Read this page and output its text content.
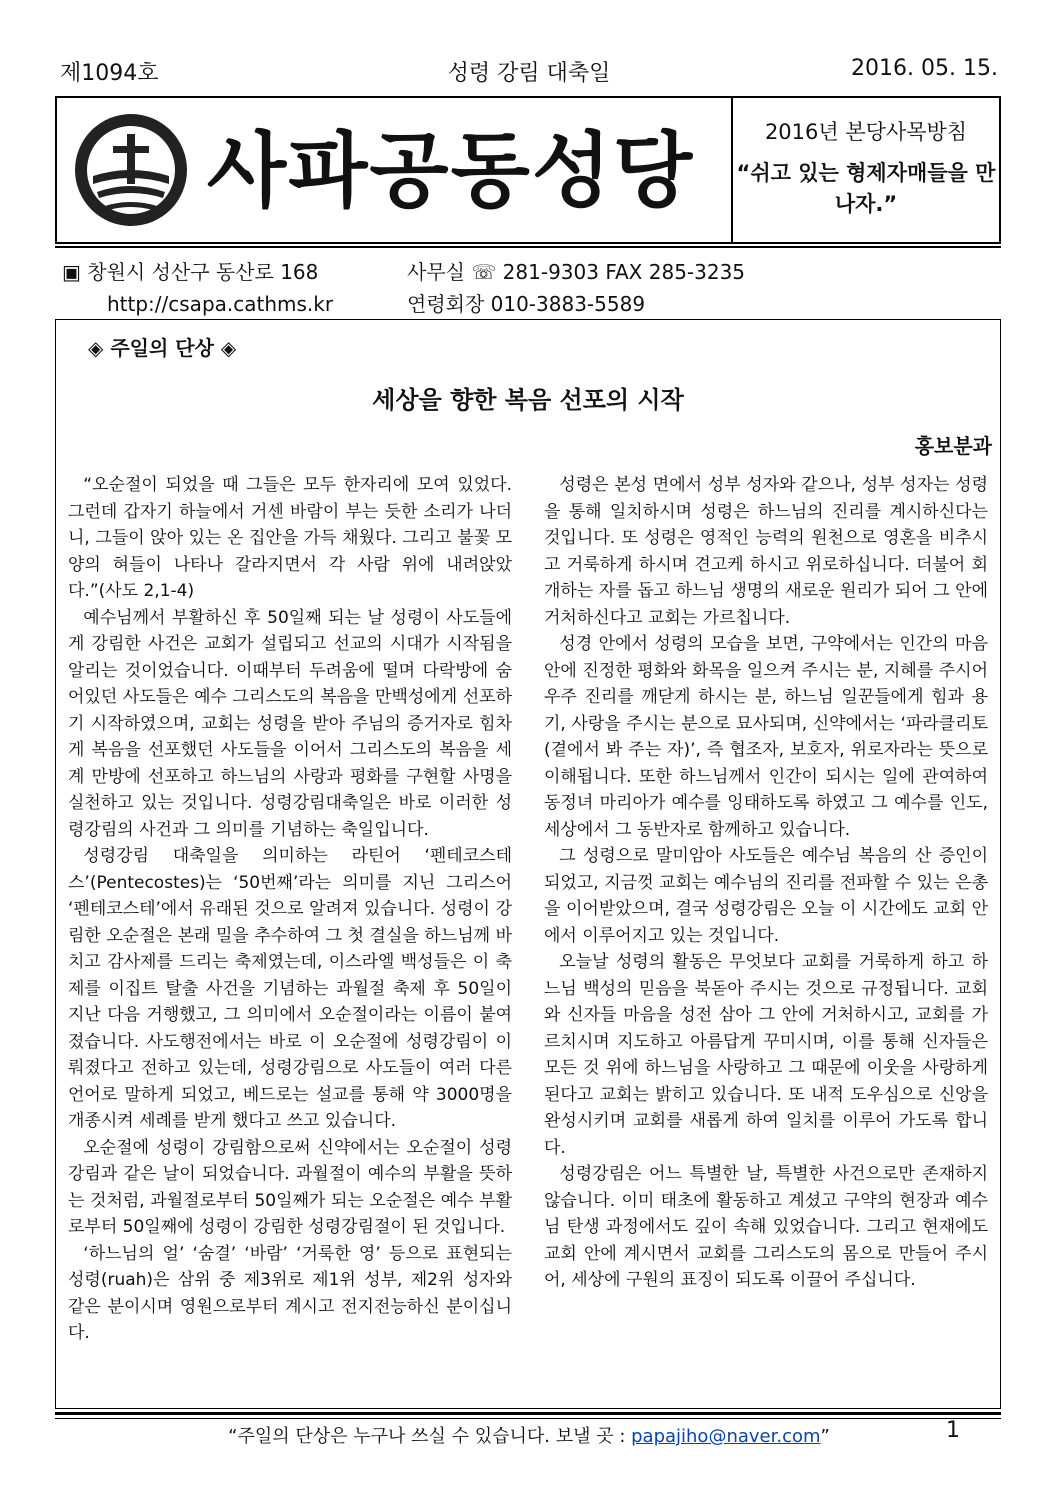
제1094호	성령 강림 대축일	2016. 05. 15.
사파공동성당	2016년 본당사목방침
“쉬고 있는 형제자매들을 만나자.”
▣ 창원시 성산구 동산로 168	사무실 ☏ 281-9303 FAX 285-3235
http://csapa.cathms.kr	연령회장 010-3883-5589
◈ 주일의 단상 ◈
세상을 향한 복음 선포의 시작
홍보분과

“오순절이 되었을 때 그들은 모두 한자리에 모여 있었다. 그런데 갑자기 하늘에서 거센 바람이 부는 듯한 소리가 나더니, 그들이 앉아 있는 온 집안을 가득 채웠다. 그리고 불꽃 모양의 혀들이 나타나 갈라지면서 각 사람 위에 내려앉았다.”(사도 2,1-4)

예수님께서 부활하신 후 50일째 되는 날 성령이 사도들에게 강림한 사건은 교회가 설립되고 선교의 시대가 시작됨을 알리는 것이었습니다. 이때부터 두려움에 떨며 다락방에 숨어있던 사도들은 예수 그리스도의 복음을 만백성에게 선포하기 시작하였으며, 교회는 성령을 받아 주님의 증거자로 힘차게 복음을 선포했던 사도들을 이어서 그리스도의 복음을 세계 만방에 선포하고 하느님의 사랑과 평화를 구현할 사명을 실천하고 있는 것입니다. 성령강림대축일은 바로 이러한 성령강림의 사건과 그 의미를 기념하는 축일입니다.

성령강림 대축일을 의미하는 라틴어 ‘펜테코스테스’(Pentecostes)는 ‘50번째’라는 의미를 지닌 그리스어 ‘펜테코스테’에서 유래된 것으로 알려져 있습니다. 성령이 강림한 오순절은 본래 밀을 추수하여 그 첫 결실을 하느님께 바치고 감사제를 드리는 축제였는데, 이스라엘 백성들은 이 축제를 이집트 탈출 사건을 기념하는 과월절 축제 후 50일이 지난 다음 거행했고, 그 의미에서 오순절이라는 이름이 붙여졌습니다. 사도행전에서는 바로 이 오순절에 성령강림이 이뤄졌다고 전하고 있는데, 성령강림으로 사도들이 여러 다른 언어로 말하게 되었고, 베드로는 설교를 통해 약 3000명을 개종시켜 세례를 받게 했다고 쓰고 있습니다.

오순절에 성령이 강림함으로써 신약에서는 오순절이 성령강림과 같은 날이 되었습니다. 과월절이 예수의 부활을 뜻하는 것처럼, 과월절로부터 50일째가 되는 오순절은 예수 부활로부터 50일째에 성령이 강림한 성령강림절이 된 것입니다.

‘하느님의 얼’ ‘숨결’ ‘바람’ ‘거룩한 영’ 등으로 표현되는 성령(ruah)은 삼위 중 제3위로 제1위 성부, 제2위 성자와 같은 분이시며 영원으로부터 계시고 전지전능하신 분이십니다.

성령은 본성 면에서 성부 성자와 같으나, 성부 성자는 성령을 통해 일치하시며 성령은 하느님의 진리를 계시하신다는 것입니다. 또 성령은 영적인 능력의 원천으로 영혼을 비추시고 거룩하게 하시며 견고케 하시고 위로하십니다. 더불어 회개하는 자를 돕고 하느님 생명의 새로운 원리가 되어 그 안에 거처하신다고 교회는 가르칩니다.

성경 안에서 성령의 모습을 보면, 구약에서는 인간의 마음 안에 진정한 평화와 화목을 일으켜 주시는 분, 지혜를 주시어 우주 진리를 깨닫게 하시는 분, 하느님 일꾼들에게 힘과 용기, 사랑을 주시는 분으로 묘사되며, 신약에서는 ‘파라클리토(곁에서 봐 주는 자)’, 즉 협조자, 보호자, 위로자라는 뜻으로 이해됩니다. 또한 하느님께서 인간이 되시는 일에 관여하여 동정녀 마리아가 예수를 잉태하도록 하였고 그 예수를 인도, 세상에서 그 동반자로 함께하고 있습니다.

그 성령으로 말미암아 사도들은 예수님 복음의 산 증인이 되었고, 지금껏 교회는 예수님의 진리를 전파할 수 있는 은총을 이어받았으며, 결국 성령강림은 오늘 이 시간에도 교회 안에서 이루어지고 있는 것입니다.

오늘날 성령의 활동은 무엇보다 교회를 거룩하게 하고 하느님 백성의 믿음을 북돋아 주시는 것으로 규정됩니다. 교회와 신자들 마음을 성전 삼아 그 안에 거처하시고, 교회를 가르치시며 지도하고 아름답게 꾸미시며, 이를 통해 신자들은 모든 것 위에 하느님을 사랑하고 그 때문에 이웃을 사랑하게 된다고 교회는 밝히고 있습니다. 또 내적 도우심으로 신앙을 완성시키며 교회를 새롭게 하여 일치를 이루어 가도록 합니다.

성령강림은 어느 특별한 날, 특별한 사건으로만 존재하지 않습니다. 이미 태초에 활동하고 계셨고 구약의 현장과 예수님 탄생 과정에서도 깊이 속해 있었습니다. 그리고 현재에도 교회 안에 계시면서 교회를 그리스도의 몸으로 만들어 주시어, 세상에 구원의 표징이 되도록 이끌어 주십니다.

“주일의 단상은 누구나 쓰실 수 있습니다. 보낼 곳 : papajiho@naver.com”	1
